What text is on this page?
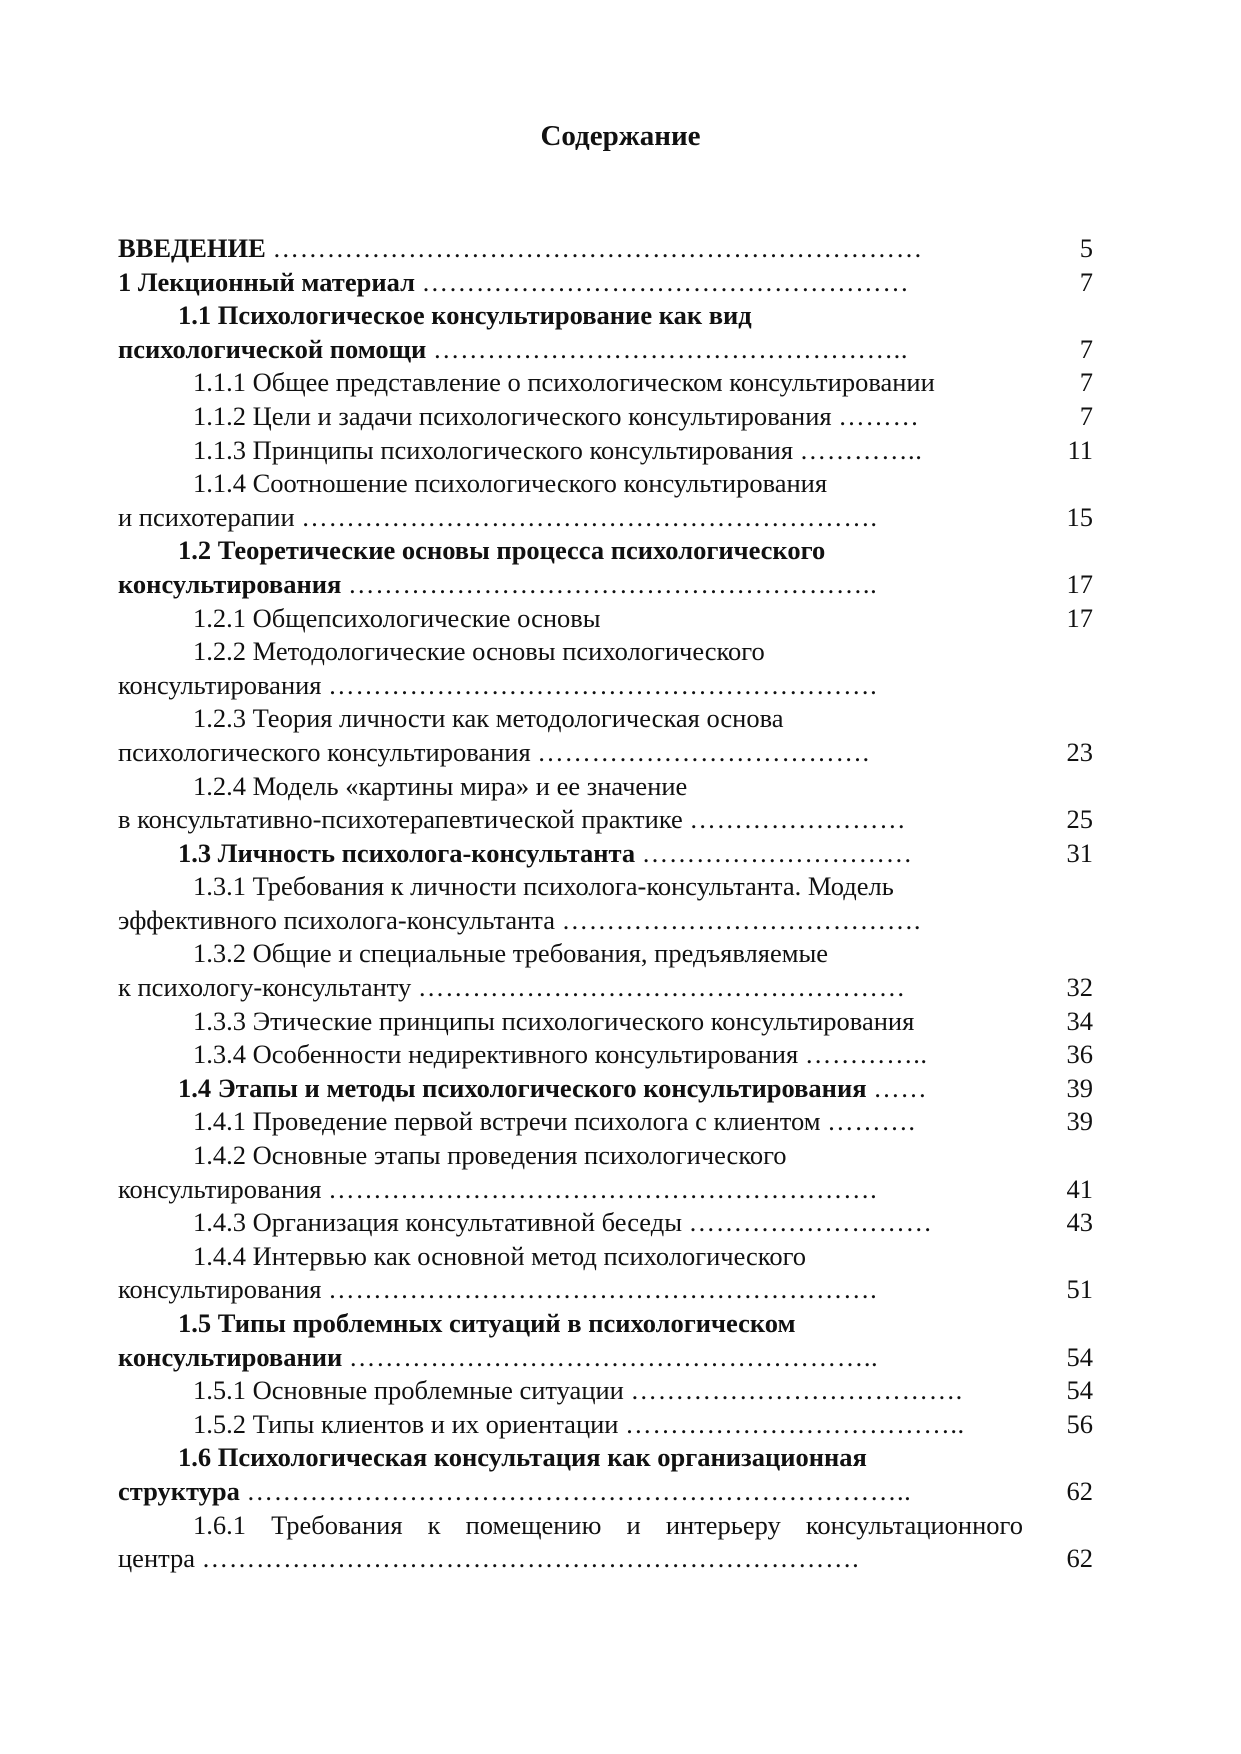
Содержание
ВВЕДЕНИЕ ………………………………………………………………	5
1 Лекционный материал ………………………………………………	7
1.1 Психологическое консультирование как вид
психологической помощи ……………………………………………..	7
1.1.1 Общее представление о психологическом консультировании	7
1.1.2 Цели и задачи психологического консультирования ………	7
1.1.3 Принципы психологического консультирования …………..	11
1.1.4 Соотношение психологического консультирования
и психотерапии ……………………………………………………….	15
1.2 Теоретические основы процесса психологического
консультирования …………………………………………………..	17
1.2.1 Общепсихологические основы	17
1.2.2 Методологические основы психологического
консультирования …………………………………………………….
1.2.3 Теория личности как методологическая основа
психологического консультирования ……………………………….	23
1.2.4 Модель «картины мира» и ее значение
в консультативно-психотерапевтической практике ……………………	25
1.3 Личность психолога-консультанта …………………………	31
1.3.1 Требования к личности психолога-консультанта. Модель
эффективного психолога-консультанта ………………………………….
1.3.2 Общие и специальные требования, предъявляемые
к психологу-консультанту ………………………………………………	32
1.3.3 Этические принципы психологического консультирования	34
1.3.4 Особенности недирективного консультирования …………..	36
1.4 Этапы и методы психологического консультирования ……	39
1.4.1 Проведение первой встречи психолога с клиентом ……….	39
1.4.2 Основные этапы проведения психологического
консультирования …………………………………………………….	41
1.4.3 Организация консультативной беседы ………………………	43
1.4.4 Интервью как основной метод психологического
консультирования …………………………………………………….	51
1.5 Типы проблемных ситуаций в психологическом
консультировании …………………………………………………..	54
1.5.1 Основные проблемные ситуации ……………………………….	54
1.5.2 Типы клиентов и их ориентации ………………………………..	56
1.6 Психологическая консультация как организационная
структура ………………………………………………………………..	62
1.6.1 Требования к помещению и интерьеру консультационного
центра ……………………………………………………………….	62
